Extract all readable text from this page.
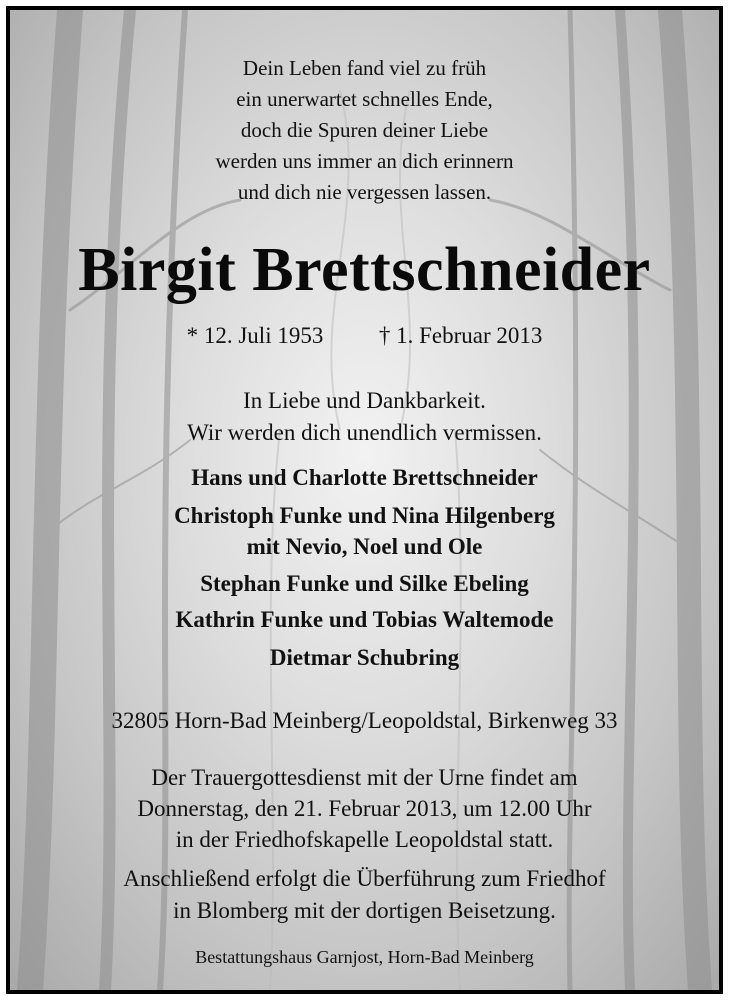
Dein Leben fand viel zu früh
ein unerwartet schnelles Ende,
doch die Spuren deiner Liebe
werden uns immer an dich erinnern
und dich nie vergessen lassen.
Birgit Brettschneider
* 12. Juli 1953 † 1. Februar 2013
In Liebe und Dankbarkeit.
Wir werden dich unendlich vermissen.
Hans und Charlotte Brettschneider
Christoph Funke und Nina Hilgenberg
mit Nevio, Noel und Ole
Stephan Funke und Silke Ebeling
Kathrin Funke und Tobias Waltemode
Dietmar Schubring
32805 Horn-Bad Meinberg/Leopoldstal, Birkenweg 33
Der Trauergottesdienst mit der Urne findet am
Donnerstag, den 21. Februar 2013, um 12.00 Uhr
in der Friedhofskapelle Leopoldstal statt.
Anschließend erfolgt die Überführung zum Friedhof
in Blomberg mit der dortigen Beisetzung.
Bestattungshaus Garnjost, Horn-Bad Meinberg
